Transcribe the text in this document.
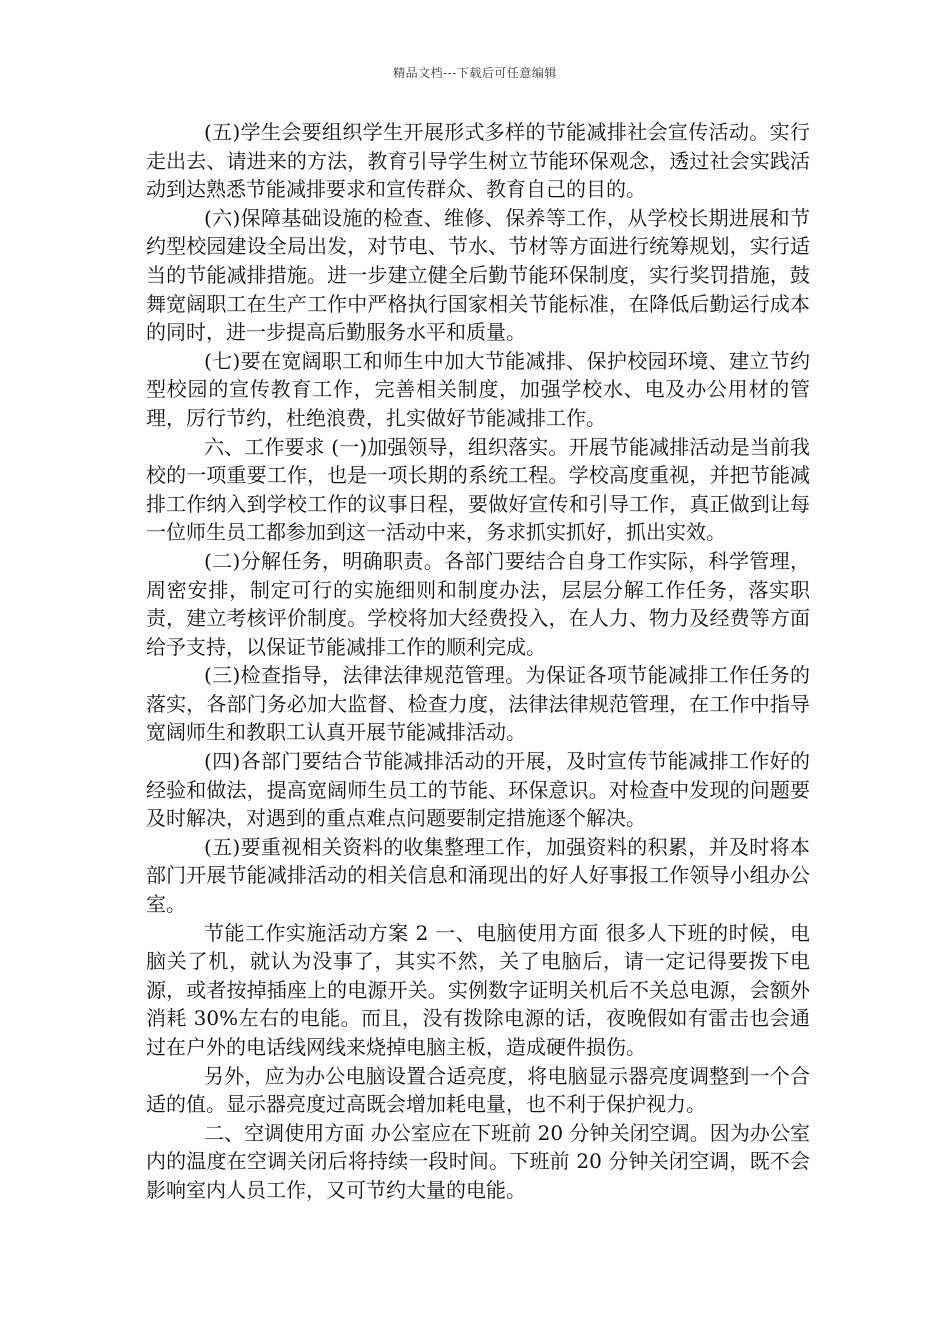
精品文档---下载后可任意编辑

(五)学生会要组织学生开展形式多样的节能减排社会宣传活动。实行走出去、请进来的方法，教育引导学生树立节能环保观念，透过社会实践活动到达熟悉节能减排要求和宣传群众、教育自己的目的。

(六)保障基础设施的检查、维修、保养等工作，从学校长期进展和节约型校园建设全局出发，对节电、节水、节材等方面进行统筹规划，实行适当的节能减排措施。进一步建立健全后勤节能环保制度，实行奖罚措施，鼓舞宽阔职工在生产工作中严格执行国家相关节能标准，在降低后勤运行成本的同时，进一步提高后勤服务水平和质量。

(七)要在宽阔职工和师生中加大节能减排、保护校园环境、建立节约型校园的宣传教育工作，完善相关制度，加强学校水、电及办公用材的管理，厉行节约，杜绝浪费，扎实做好节能减排工作。

六、工作要求 (一)加强领导，组织落实。开展节能减排活动是当前我校的一项重要工作，也是一项长期的系统工程。学校高度重视，并把节能减排工作纳入到学校工作的议事日程，要做好宣传和引导工作，真正做到让每一位师生员工都参加到这一活动中来，务求抓实抓好，抓出实效。

(二)分解任务，明确职责。各部门要结合自身工作实际，科学管理，周密安排，制定可行的实施细则和制度办法，层层分解工作任务，落实职责，建立考核评价制度。学校将加大经费投入，在人力、物力及经费等方面给予支持，以保证节能减排工作的顺利完成。

(三)检查指导，法律法律规范管理。为保证各项节能减排工作任务的落实，各部门务必加大监督、检查力度，法律法律规范管理，在工作中指导宽阔师生和教职工认真开展节能减排活动。

(四)各部门要结合节能减排活动的开展，及时宣传节能减排工作好的经验和做法，提高宽阔师生员工的节能、环保意识。对检查中发现的问题要及时解决，对遇到的重点难点问题要制定措施逐个解决。

(五)要重视相关资料的收集整理工作，加强资料的积累，并及时将本部门开展节能减排活动的相关信息和涌现出的好人好事报工作领导小组办公室。

节能工作实施活动方案 2 一、电脑使用方面 很多人下班的时候，电脑关了机，就认为没事了，其实不然，关了电脑后，请一定记得要拨下电源，或者按掉插座上的电源开关。实例数字证明关机后不关总电源，会额外消耗 30%左右的电能。而且，没有拨除电源的话，夜晚假如有雷击也会通过在户外的电话线网线来烧掉电脑主板，造成硬件损伤。

另外，应为办公电脑设置合适亮度，将电脑显示器亮度调整到一个合适的值。显示器亮度过高既会增加耗电量，也不利于保护视力。

二、空调使用方面 办公室应在下班前 20 分钟关闭空调。因为办公室内的温度在空调关闭后将持续一段时间。下班前 20 分钟关闭空调，既不会影响室内人员工作，又可节约大量的电能。
